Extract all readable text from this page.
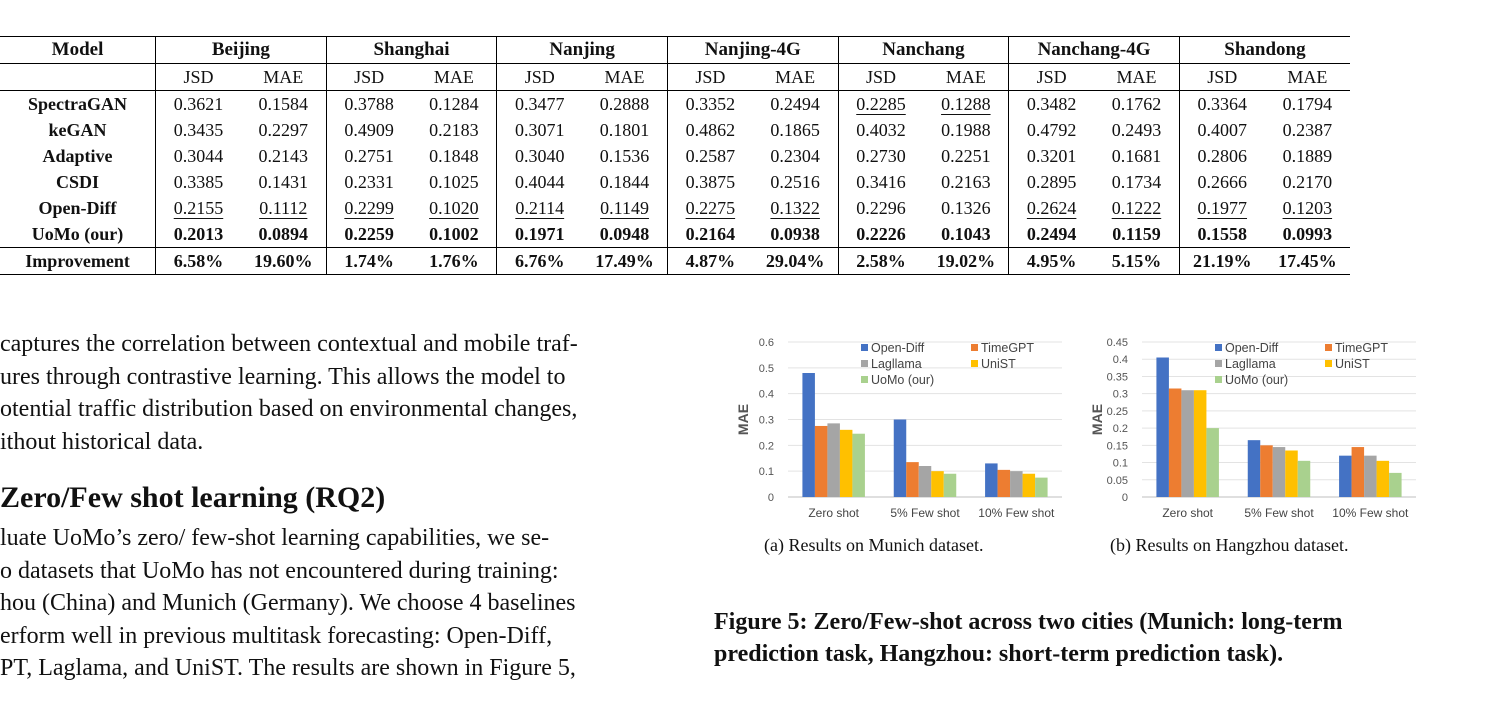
Model	Beijing		Shanghai		Nanjing		Nanjing-4G		Nanchang		Nanchang-4G		Shandong	
	JSD	MAE	JSD	MAE	JSD	MAE	JSD	MAE	JSD	MAE	JSD	MAE	JSD	MAE
SpectraGAN	0.3621	0.1584	0.3788	0.1284	0.3477	0.2888	0.3352	0.2494	0.2285	0.1288	0.3482	0.1762	0.3364	0.1794
keGAN	0.3435	0.2297	0.4909	0.2183	0.3071	0.1801	0.4862	0.1865	0.4032	0.1988	0.4792	0.2493	0.4007	0.2387
Adaptive	0.3044	0.2143	0.2751	0.1848	0.3040	0.1536	0.2587	0.2304	0.2730	0.2251	0.3201	0.1681	0.2806	0.1889
CSDI	0.3385	0.1431	0.2331	0.1025	0.4044	0.1844	0.3875	0.2516	0.3416	0.2163	0.2895	0.1734	0.2666	0.2170
Open-Diff	0.2155	0.1112	0.2299	0.1020	0.2114	0.1149	0.2275	0.1322	0.2296	0.1326	0.2624	0.1222	0.1977	0.1203
UoMo (our)	0.2013	0.0894	0.2259	0.1002	0.1971	0.0948	0.2164	0.0938	0.2226	0.1043	0.2494	0.1159	0.1558	0.0993
Improvement	6.58%	19.60%	1.74%	1.76%	6.76%	17.49%	4.87%	29.04%	2.58%	19.02%	4.95%	5.15%	21.19%	17.45%

captures the correlation between contextual and mobile traf-

ures through contrastive learning. This allows the model to

otential traffic distribution based on environmental changes,

ithout historical data.

Zero/Few shot learning (RQ2)

luate UoMo’s zero/ few-shot learning capabilities, we se-

o datasets that UoMo has not encountered during training:

hou (China) and Munich (Germany). We choose 4 baselines

erform well in previous multitask forecasting: Open-Diff,

PT, Laglama, and UniST. The results are shown in Figure 5,

MAE
0
0.1
0.2
0.3
0.4
0.5
0.6
Zero shot	5% Few shot 10% Few shot
Open-Diff	TimeGPT
Lagllama	UniST
UoMo (our)
MAE
0
0.05
0.1
0.15
0.2
0.25
0.3
0.35
0.4
0.45
Zero shot	5% Few shot 10% Few shot
Open-Diff	TimeGPT
Lagllama	UniST
UoMo (our)
(a) Results on Munich dataset.	(b) Results on Hangzhou dataset.
Figure 5: Zero/Few-shot across two cities (Munich: long-term
prediction task, Hangzhou: short-term prediction task).
